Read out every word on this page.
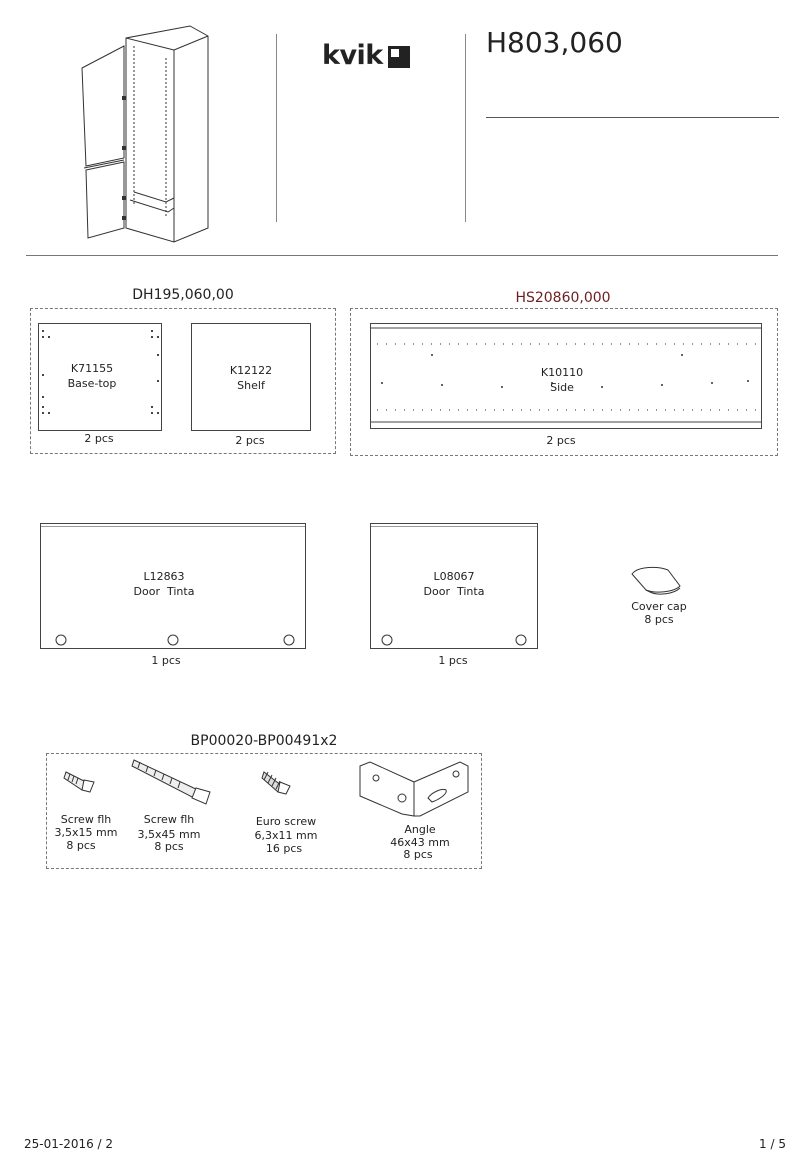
kvik	H803,060
DH195,060,00
K71155
Base-top
2 pcs
K12122
Shelf
2 pcs
HS20860,000
K10110
Side
2 pcs
L12863
Door  Tinta
1 pcs
L08067
Door  Tinta
1 pcs
Cover cap
8 pcs
BP00020-BP00491x2
Screw flh
3,5x15 mm
8 pcs
Screw flh
3,5x45 mm
8 pcs
Euro screw
6,3x11 mm
16 pcs
Angle
46x43 mm
8 pcs
25-01-2016 / 2	1 / 5
